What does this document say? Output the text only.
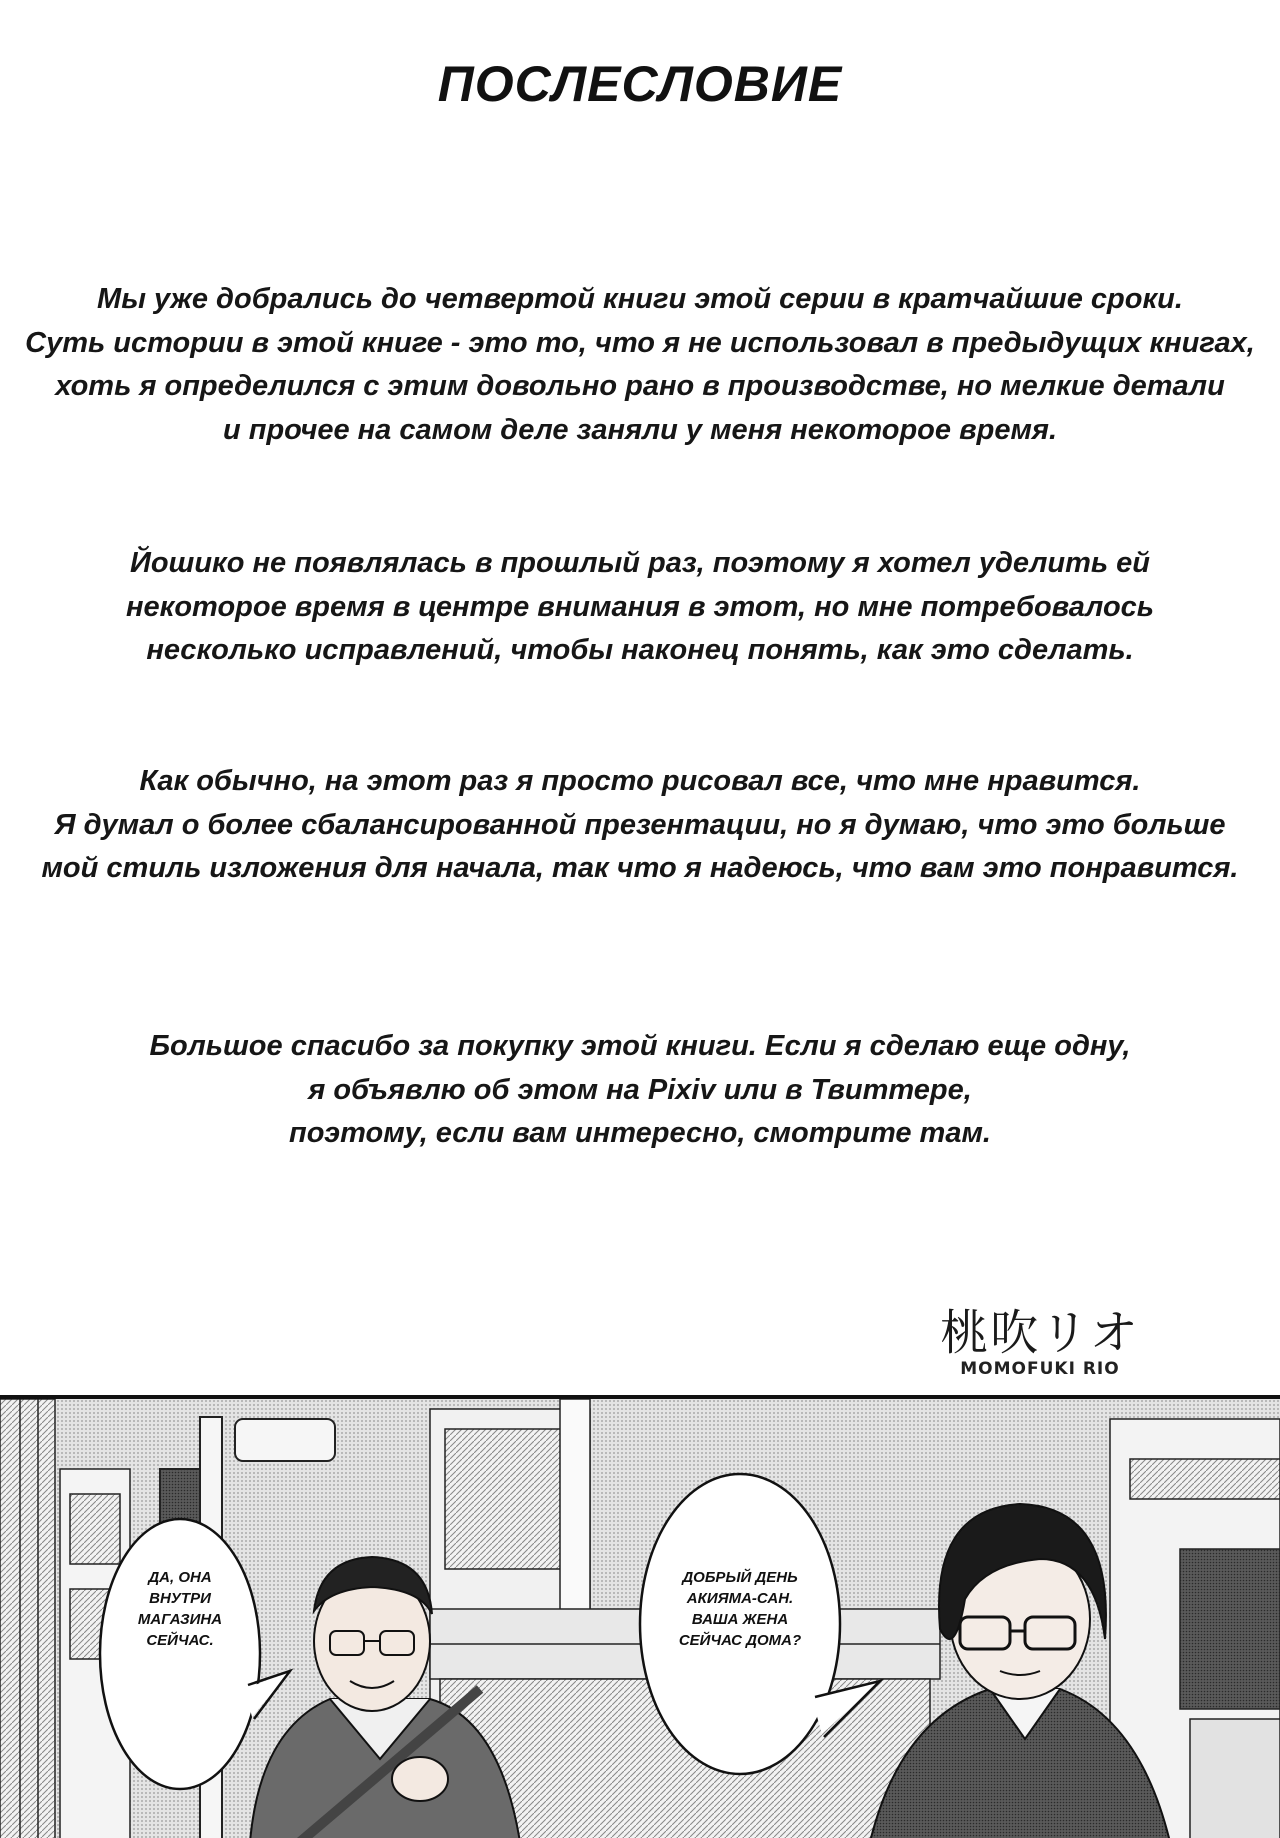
ПОСЛЕСЛОВИЕ
Мы уже добрались до четвертой книги этой серии в кратчайшие сроки.
Суть истории в этой книге - это то, что я не использовал в предыдущих книгах,
хоть я определился с этим довольно рано в производстве, но мелкие детали
и прочее на самом деле заняли у меня некоторое время.
Йошико не появлялась в прошлый раз, поэтому я хотел уделить ей
некоторое время в центре внимания в этот, но мне потребовалось
несколько исправлений, чтобы наконец понять, как это сделать.
Как обычно, на этот раз я просто рисовал все, что мне нравится.
Я думал о более сбалансированной презентации, но я думаю, что это больше
мой стиль изложения для начала, так что я надеюсь, что вам это понравится.
Большое спасибо за покупку этой книги. Если я сделаю еще одну,
я объявлю об этом на Pixiv или в Твиттере,
поэтому, если вам интересно, смотрите там.
桃吹リオ
MOMOFUKI RIO
ДА, ОНА
ВНУТРИ
МАГАЗИНА
СЕЙЧАС.
ДОБРЫЙ ДЕНЬ
АКИЯМА-САН.
ВАША ЖЕНА
СЕЙЧАС ДОМА?
